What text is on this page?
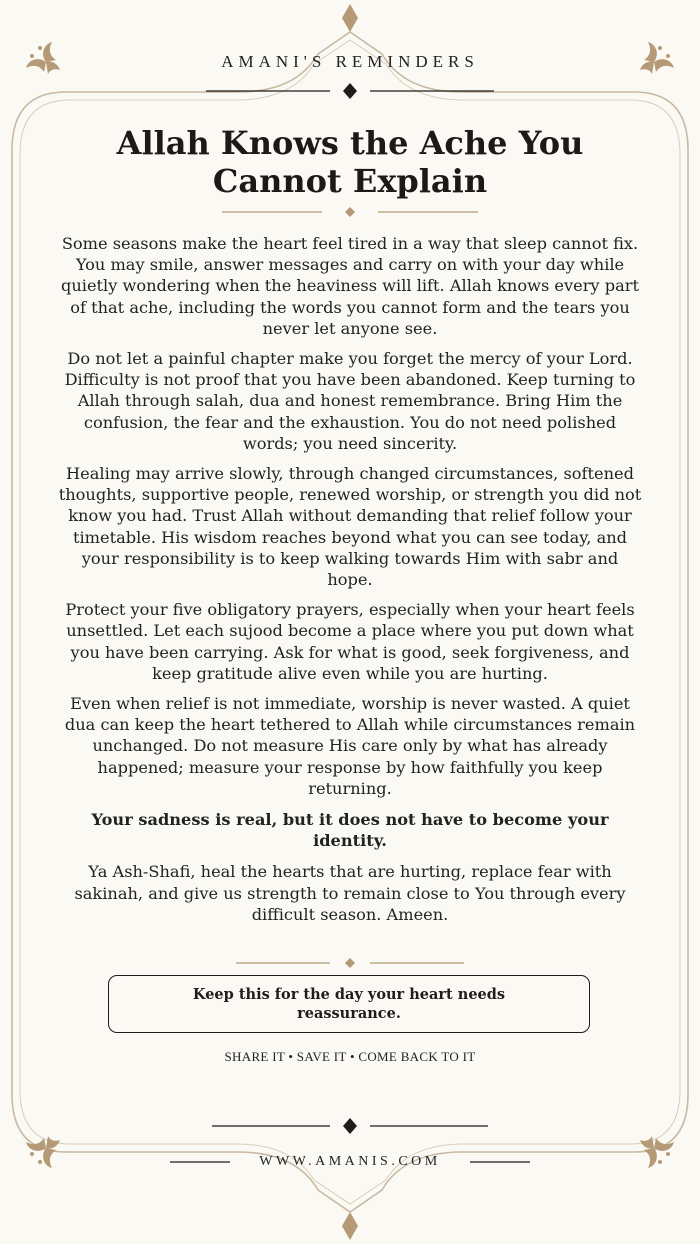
AMANI'S REMINDERS
Allah Knows the Ache You
Cannot Explain

Some seasons make the heart feel tired in a way that sleep cannot fix. You may smile, answer messages and carry on with your day while quietly wondering when the heaviness will lift. Allah knows every part of that ache, including the words you cannot form and the tears you never let anyone see.

Do not let a painful chapter make you forget the mercy of your Lord. Difficulty is not proof that you have been abandoned. Keep turning to Allah through salah, dua and honest remembrance. Bring Him the confusion, the fear and the exhaustion. You do not need polished words; you need sincerity.

Healing may arrive slowly, through changed circumstances, softened thoughts, supportive people, renewed worship, or strength you did not know you had. Trust Allah without demanding that relief follow your timetable. His wisdom reaches beyond what you can see today, and your responsibility is to keep walking towards Him with sabr and hope.

Protect your five obligatory prayers, especially when your heart feels unsettled. Let each sujood become a place where you put down what you have been carrying. Ask for what is good, seek forgiveness, and keep gratitude alive even while you are hurting.

Even when relief is not immediate, worship is never wasted. A quiet dua can keep the heart tethered to Allah while circumstances remain unchanged. Do not measure His care only by what has already happened; measure your response by how faithfully you keep returning.

Your sadness is real, but it does not have to become your identity.

Ya Ash-Shafi, heal the hearts that are hurting, replace fear with sakinah, and give us strength to remain close to You through every difficult season. Ameen.

Keep this for the day your heart needs reassurance.
SHARE IT • SAVE IT • COME BACK TO IT
WWW.AMANIS.COM
